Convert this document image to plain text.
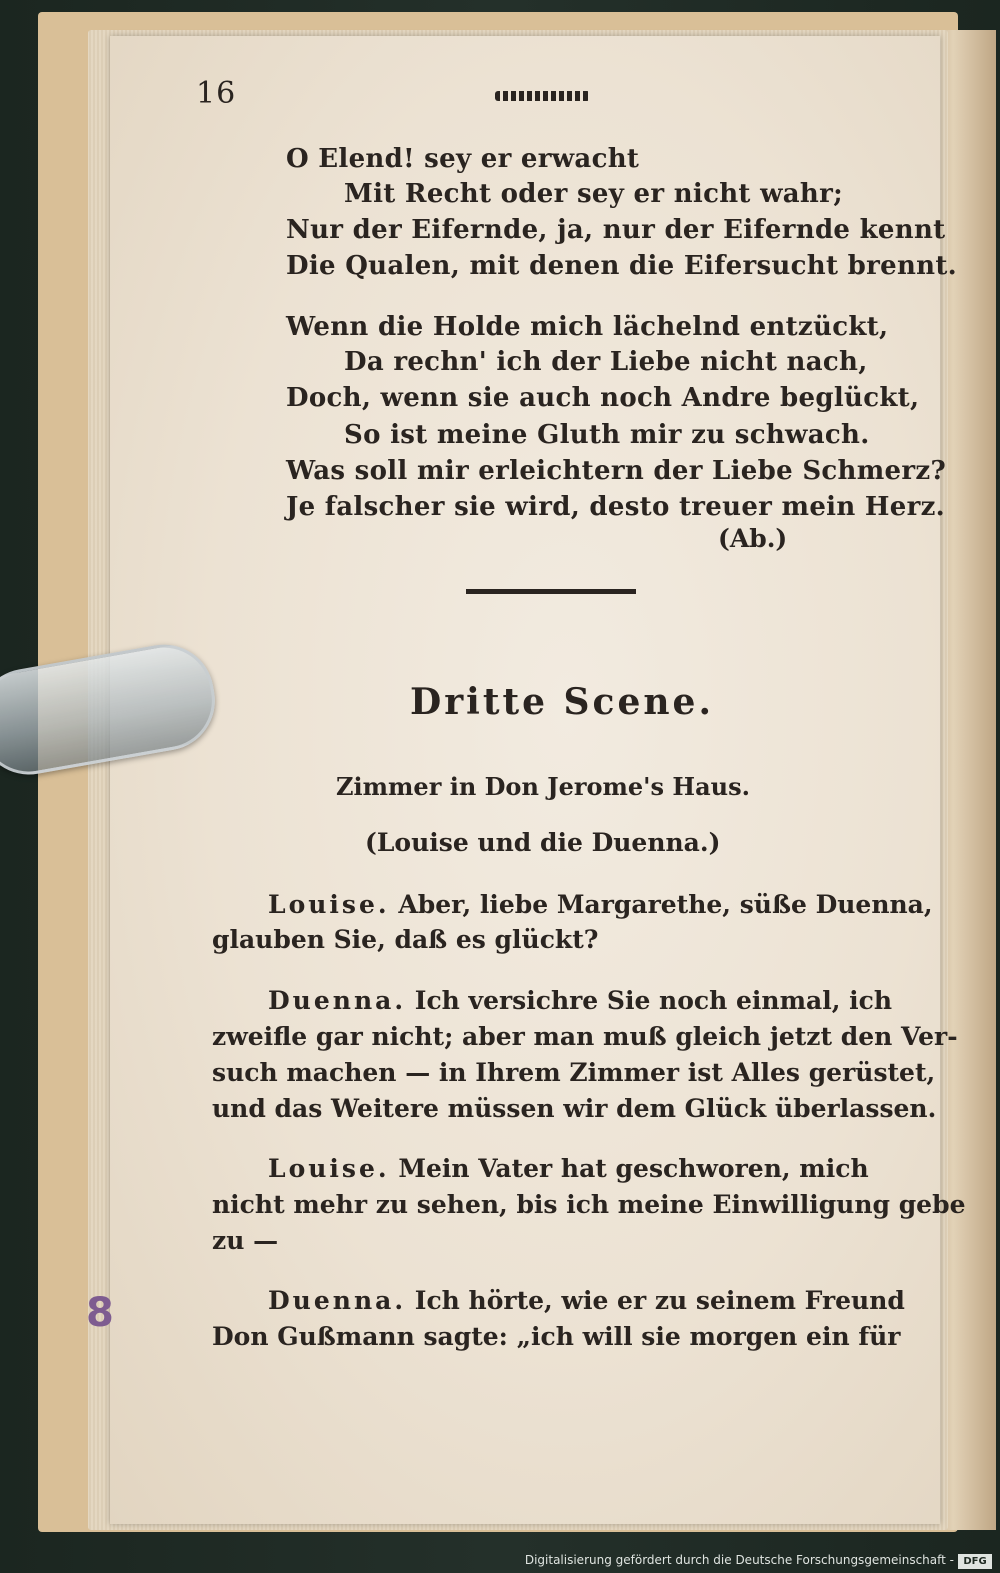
16
O Elend! sey er erwacht
Mit Recht oder sey er nicht wahr;
Nur der Eifernde, ja, nur der Eifernde kennt
Die Qualen, mit denen die Eifersucht brennt.
Wenn die Holde mich lächelnd entzückt,
Da rechn' ich der Liebe nicht nach,
Doch, wenn sie auch noch Andre beglückt,
So ist meine Gluth mir zu schwach.
Was soll mir erleichtern der Liebe Schmerz?
Je falscher sie wird, desto treuer mein Herz.
(Ab.)
Dritte Scene.
Zimmer in Don Jerome's Haus.
(Louise und die Duenna.)
Louise. Aber, liebe Margarethe, süße Duenna,
glauben Sie, daß es glückt?
Duenna. Ich versichre Sie noch einmal, ich
zweifle gar nicht; aber man muß gleich jetzt den Ver-
such machen — in Ihrem Zimmer ist Alles gerüstet,
und das Weitere müssen wir dem Glück überlassen.
Louise. Mein Vater hat geschworen, mich
nicht mehr zu sehen, bis ich meine Einwilligung gebe
zu —
Duenna. Ich hörte, wie er zu seinem Freund
Don Gußmann sagte: „ich will sie morgen ein für
8
Digitalisierung gefördert durch die Deutsche Forschungsgemeinschaft - DFG
